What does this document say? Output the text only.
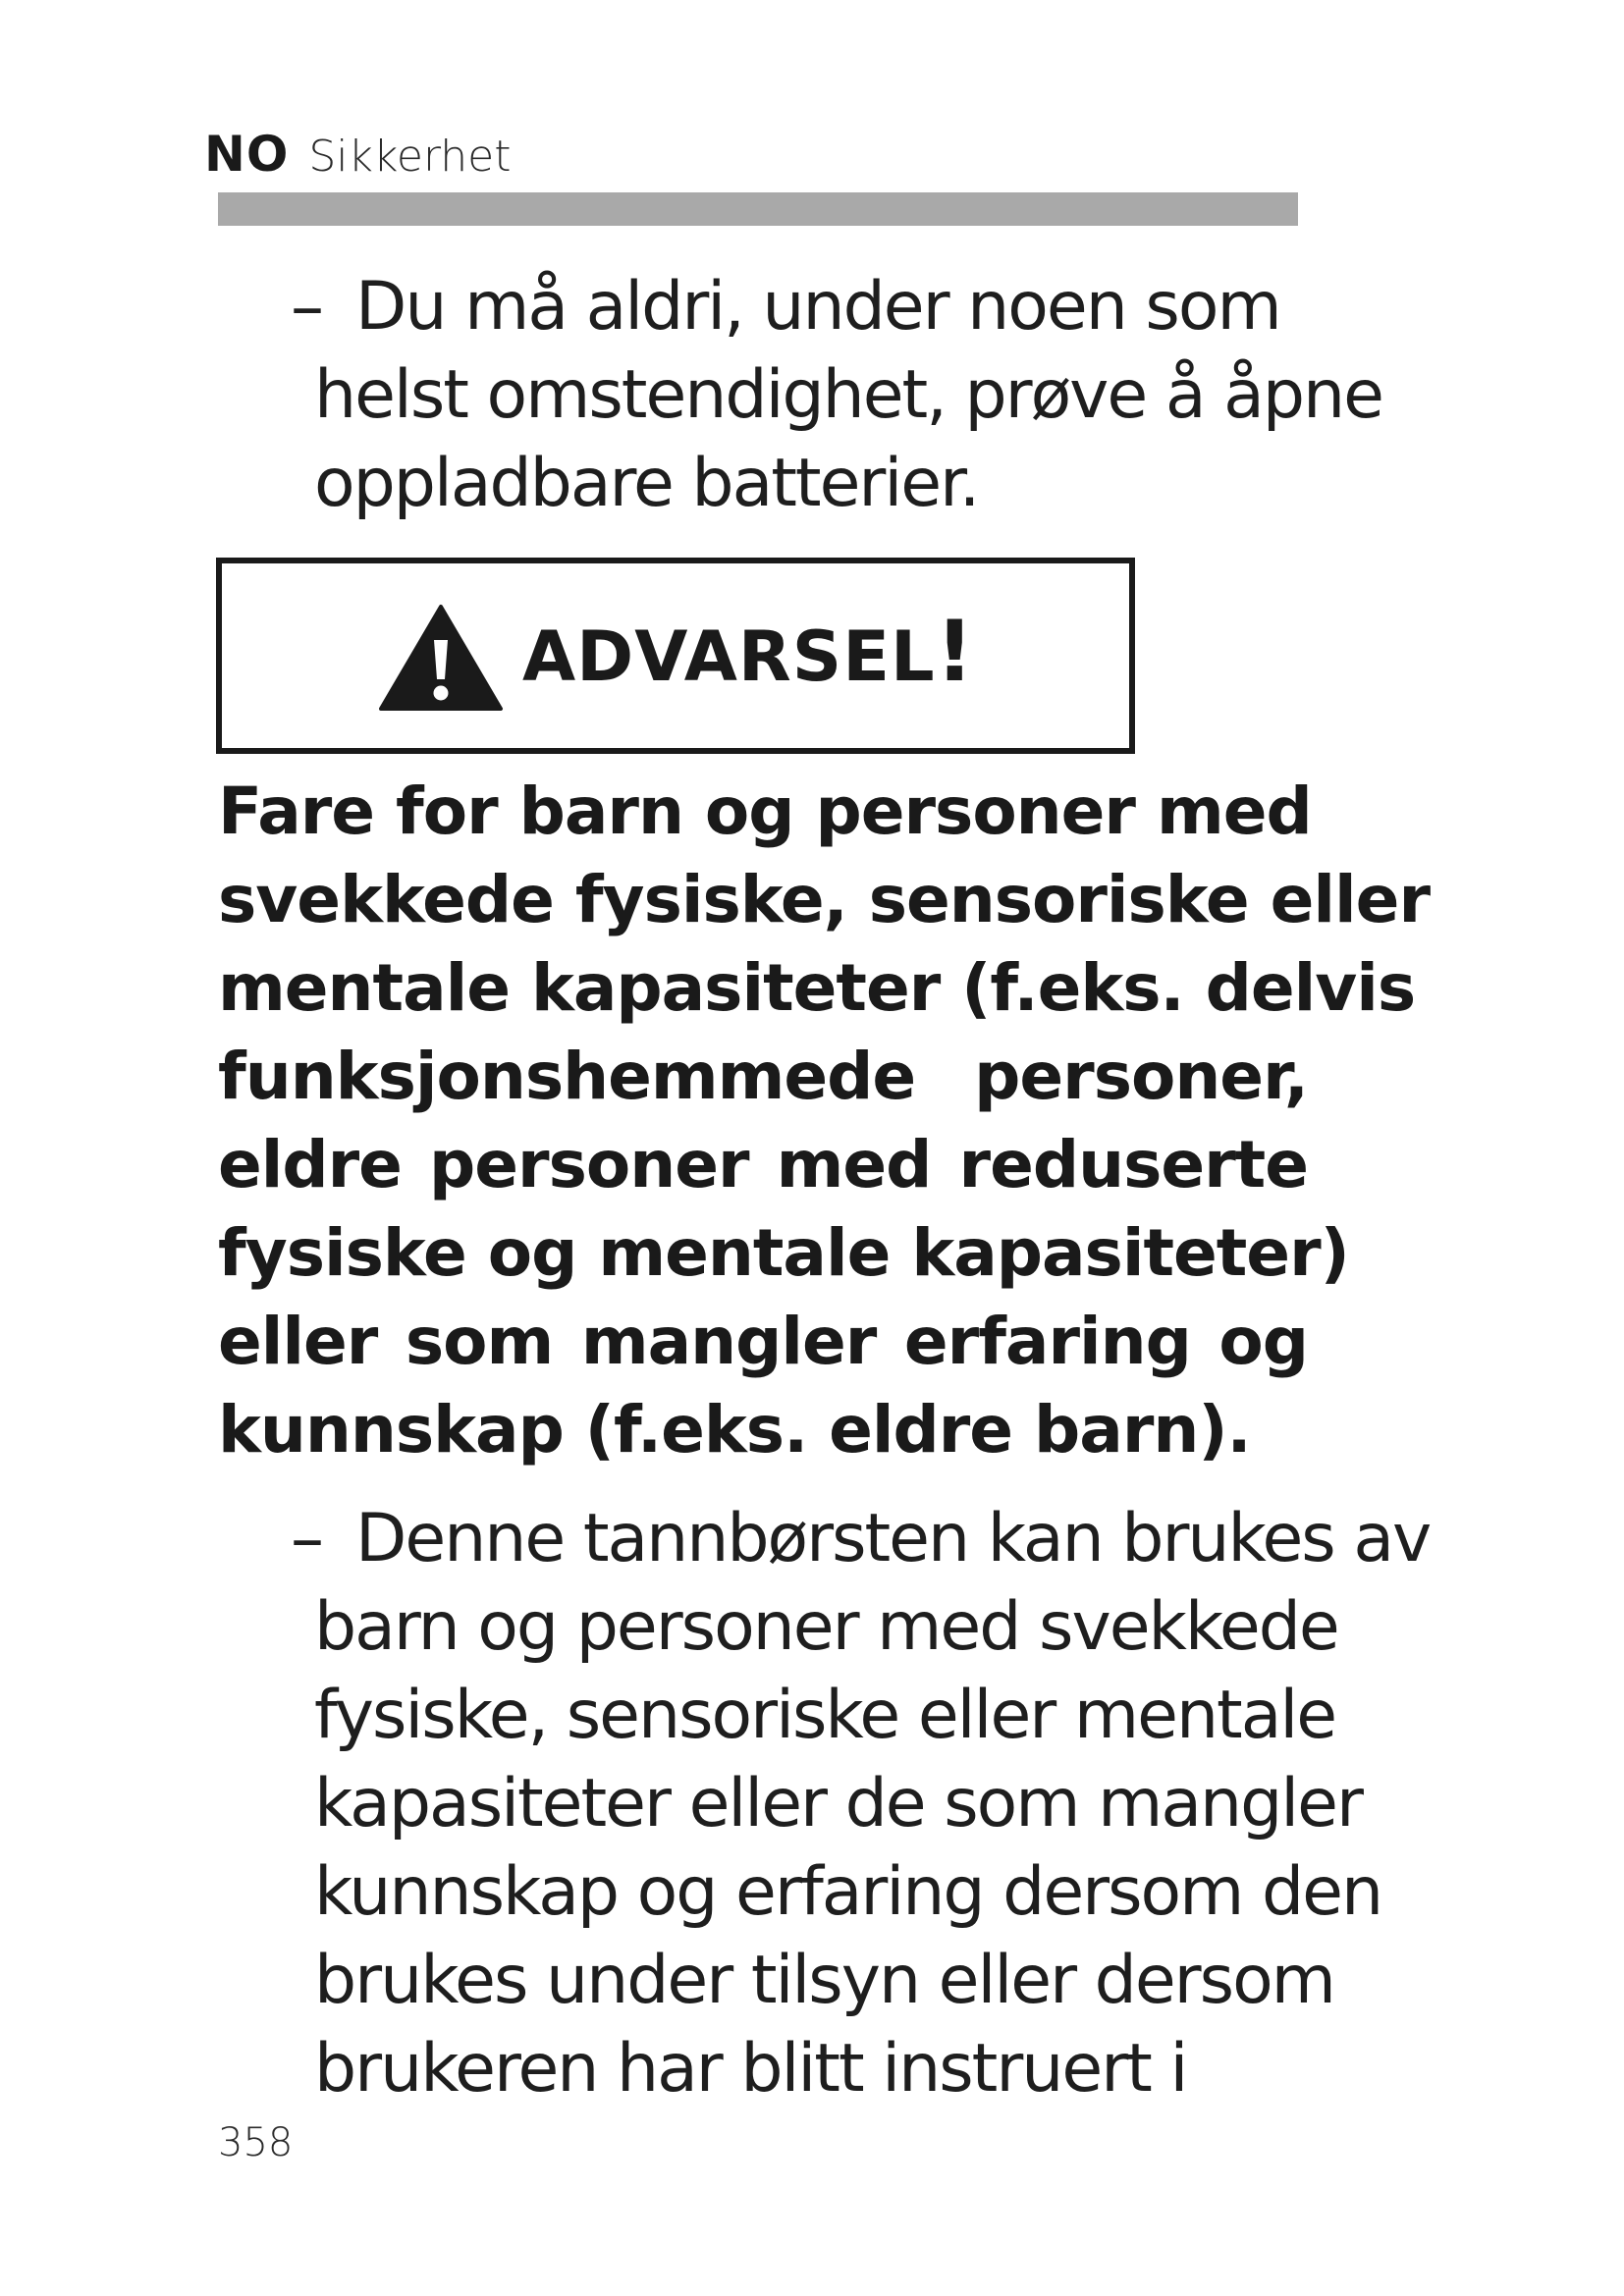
NO Sikkerhet
– Du må aldri, under noen som
helst omstendighet, prøve å åpne
oppladbare batterier.
ADVARSEL!
Fare for barn og personer med
svekkede fysiske, sensoriske eller
mentale kapasiteter (f.eks. delvis
funksjonshemmede personer,
eldre personer med reduserte
fysiske og mentale kapasiteter)
eller som mangler erfaring og
kunnskap (f.eks. eldre barn).
– Denne tannbørsten kan brukes av
barn og personer med svekkede
fysiske, sensoriske eller mentale
kapasiteter eller de som mangler
kunnskap og erfaring dersom den
brukes under tilsyn eller dersom
brukeren har blitt instruert i
358
